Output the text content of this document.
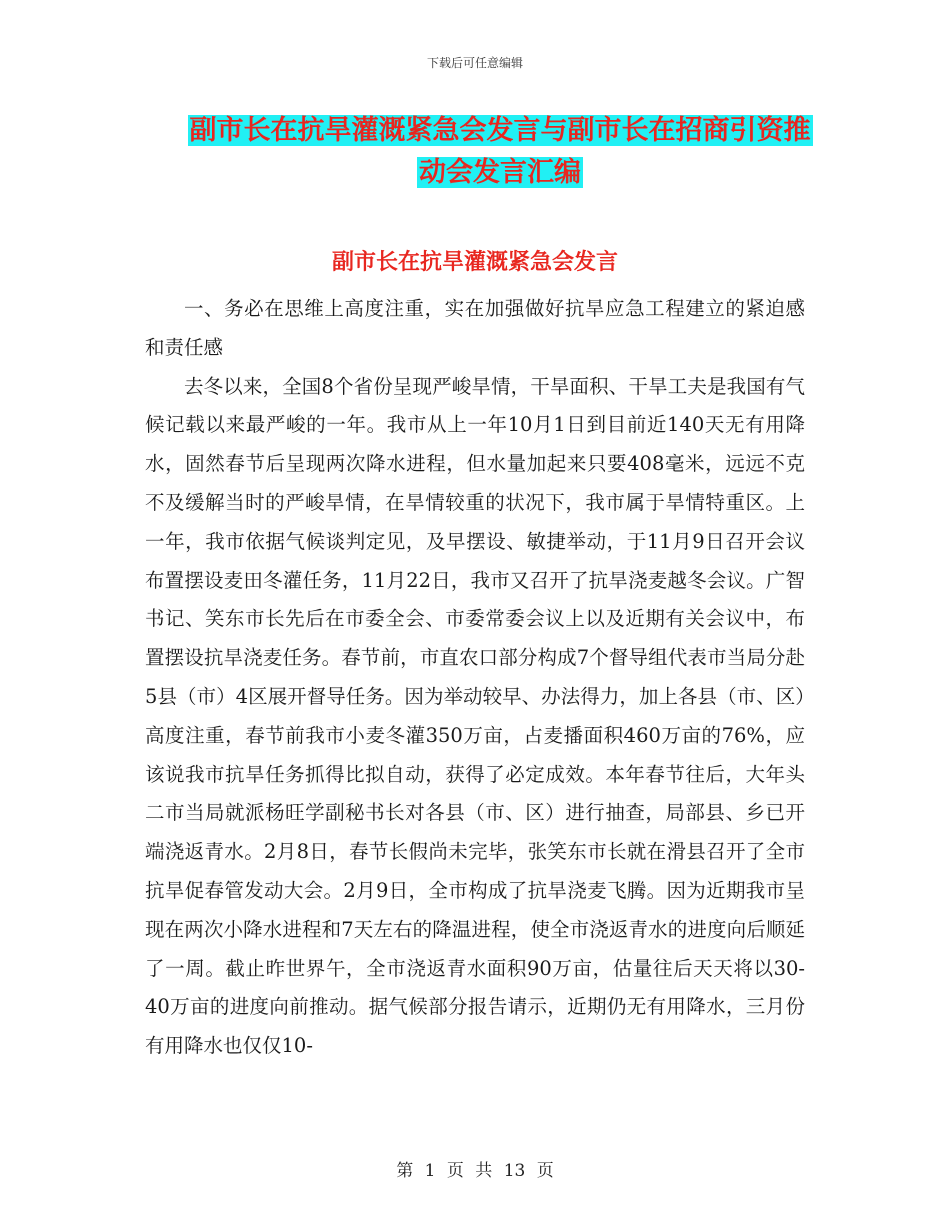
下载后可任意编辑
副市长在抗旱灌溉紧急会发言与副市长在招商引资推
动会发言汇编
副市长在抗旱灌溉紧急会发言

一、务必在思维上高度注重，实在加强做好抗旱应急工程建立的紧迫感和责任感

去冬以来，全国8个省份呈现严峻旱情，干旱面积、干旱工夫是我国有气候记载以来最严峻的一年。我市从上一年10月1日到目前近140天无有用降水，固然春节后呈现两次降水进程，但水量加起来只要408毫米，远远不克不及缓解当时的严峻旱情，在旱情较重的状况下，我市属于旱情特重区。上一年，我市依据气候谈判定见，及早摆设、敏捷举动，于11月9日召开会议布置摆设麦田冬灌任务，11月22日，我市又召开了抗旱浇麦越冬会议。广智书记、笑东市长先后在市委全会、市委常委会议上以及近期有关会议中，布置摆设抗旱浇麦任务。春节前，市直农口部分构成7个督导组代表市当局分赴5县（市）4区展开督导任务。因为举动较早、办法得力，加上各县（市、区）高度注重，春节前我市小麦冬灌350万亩，占麦播面积460万亩的76%，应该说我市抗旱任务抓得比拟自动，获得了必定成效。本年春节往后，大年头二市当局就派杨旺学副秘书长对各县（市、区）进行抽查，局部县、乡已开端浇返青水。2月8日，春节长假尚未完毕，张笑东市长就在滑县召开了全市抗旱促春管发动大会。2月9日，全市构成了抗旱浇麦飞腾。因为近期我市呈现在两次小降水进程和7天左右的降温进程，使全市浇返青水的进度向后顺延了一周。截止昨世界午，全市浇返青水面积90万亩，估量往后天天将以30-40万亩的进度向前推动。据气候部分报告请示，近期仍无有用降水，三月份有用降水也仅仅10-

第 1 页 共 13 页
